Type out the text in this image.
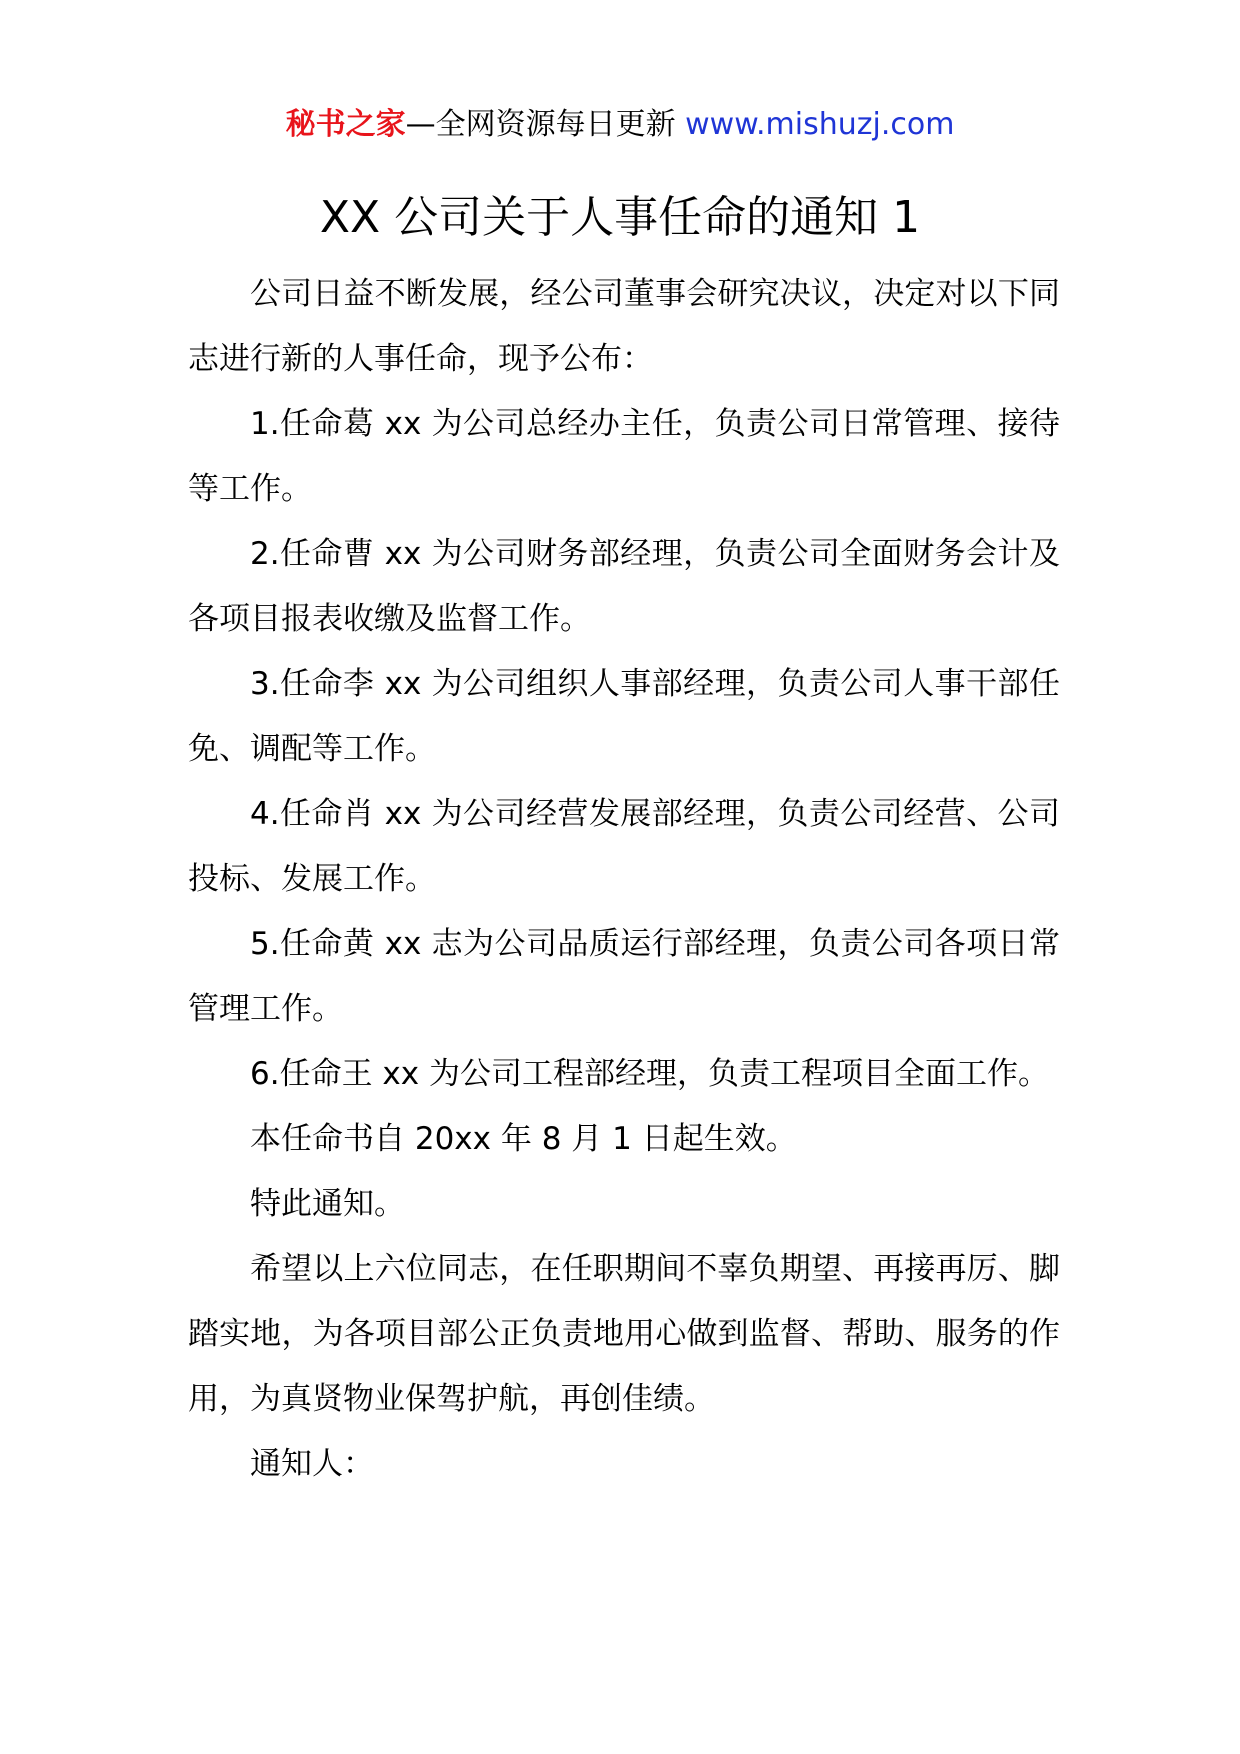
秘书之家—全网资源每日更新 www.mishuzj.com
XX 公司关于人事任命的通知 1

公司日益不断发展，经公司董事会研究决议，决定对以下同志进行新的人事任命，现予公布：

1.任命葛 xx 为公司总经办主任，负责公司日常管理、接待等工作。

2.任命曹 xx 为公司财务部经理，负责公司全面财务会计及各项目报表收缴及监督工作。

3.任命李 xx 为公司组织人事部经理，负责公司人事干部任免、调配等工作。

4.任命肖 xx 为公司经营发展部经理，负责公司经营、公司投标、发展工作。

5.任命黄 xx 志为公司品质运行部经理，负责公司各项日常管理工作。

6.任命王 xx 为公司工程部经理，负责工程项目全面工作。

本任命书自 20xx 年 8 月 1 日起生效。

特此通知。

希望以上六位同志，在任职期间不辜负期望、再接再厉、脚踏实地，为各项目部公正负责地用心做到监督、帮助、服务的作用，为真贤物业保驾护航，再创佳绩。

通知人：
